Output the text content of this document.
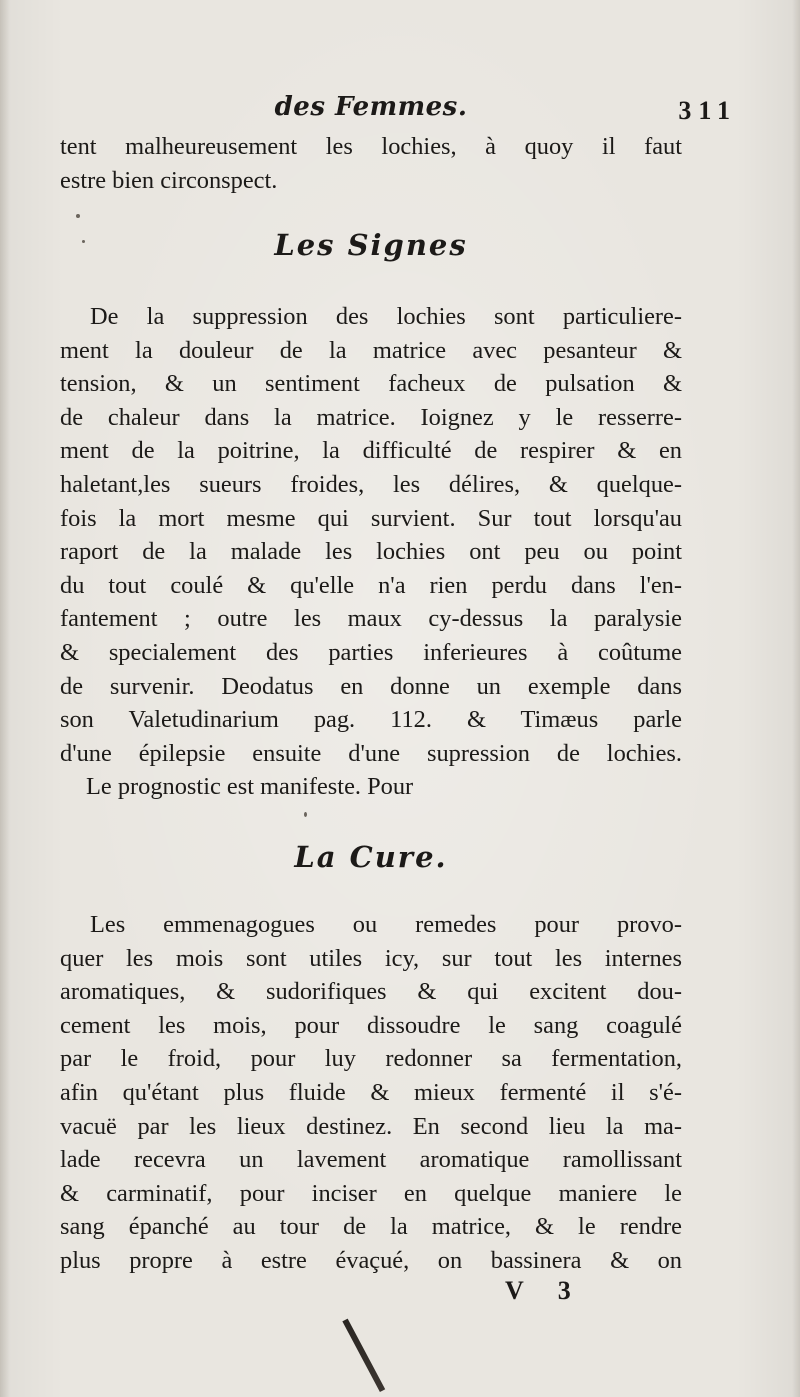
des Femmes.	311
tent malheureusement les lochies, à quoy il faut
estre bien circonspect.
Les Signes
De la suppression des lochies sont particuliere-
ment la douleur de la matrice avec pesanteur &
tension, & un sentiment facheux de pulsation &
de chaleur dans la matrice. Ioignez y le resserre-
ment de la poitrine, la difficulté de respirer & en
haletant,les sueurs froides, les délires, & quelque-
fois la mort mesme qui survient. Sur tout lorsqu'au
raport de la malade les lochies ont peu ou point
du tout coulé & qu'elle n'a rien perdu dans l'en-
fantement ; outre les maux cy-dessus la paralysie
& specialement des parties inferieures à coûtume
de survenir. Deodatus en donne un exemple dans
son Valetudinarium pag. 112. & Timæus parle
d'une épilepsie ensuite d'une supression de lochies.
Le prognostic est manifeste. Pour
La Cure.
Les emmenagogues ou remedes pour provo-
quer les mois sont utiles icy, sur tout les internes
aromatiques, & sudorifiques & qui excitent dou-
cement les mois, pour dissoudre le sang coagulé
par le froid, pour luy redonner sa fermentation,
afin qu'étant plus fluide & mieux fermenté il s'é-
vacuë par les lieux destinez. En second lieu la ma-
lade recevra un lavement aromatique ramollissant
& carminatif, pour inciser en quelque maniere le
sang épanché au tour de la matrice, & le rendre
plus propre à estre évaçué, on bassinera & on
V 3
